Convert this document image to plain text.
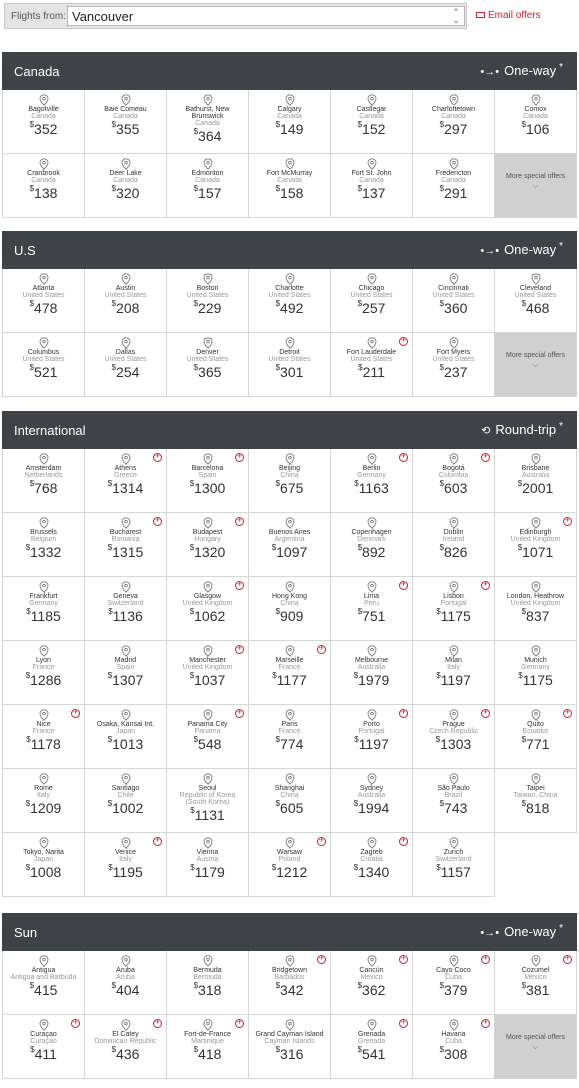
Flights from: Vancouver	⌃
⌄	Email offers
Canada	•→• One-way *
Bagotville
Canada
$352
Baie Comeau
Canada
$355
Bathurst, New Brunswick
Canada
$364
Calgary
Canada
$149
Castlegar
Canada
$152
Charlottetown
Canada
$297
Comox
Canada
$106
Cranbrook
Canada
$138
Deer Lake
Canada
$320
Edmonton
Canada
$157
Fort McMurray
Canada
$158
Fort St. John
Canada
$137
Fredericton
Canada
$291
More special offers
⌵
U.S	•→• One-way *
Atlanta
United States
$478
Austin
United States
$208
Boston
United States
$229
Charlotte
United States
$492
Chicago
United States
$257
Cincinnati
United States
$360
Cleveland
United States
$468
Columbus
United States
$521
Dallas
United States
$254
Denver
United States
$365
Detroit
United States
$301
✈
Fort Lauderdale
United States
$211
Fort Myers
United States
$237
More special offers
⌵
International	⟲ Round-trip *
Amsterdam
Netherlands
$768
✈
Athens
Greece
$1314
✈
Barcelona
Spain
$1300
Beijing
China
$675
✈
Berlin
Germany
$1163
✈
Bogotá
Colombia
$603
Brisbane
Australia
$2001
Brussels
Belgium
$1332
✈
Bucharest
Romania
$1315
✈
Budapest
Hungary
$1320
Buenos Aires
Argentina
$1097
Copenhagen
Denmark
$892
Dublin
Ireland
$826
✈
Edinburgh
United Kingdom
$1071
Frankfurt
Germany
$1185
Geneva
Switzerland
$1136
✈
Glasgow
United Kingdom
$1062
Hong Kong
China
$909
✈
Lima
Peru
$751
✈
Lisbon
Portugal
$1175
London, Heathrow
United Kingdom
$837
Lyon
France
$1286
Madrid
Spain
$1307
✈
Manchester
United Kingdom
$1037
✈
Marseille
France
$1177
Melbourne
Australia
$1979
Milan
Italy
$1197
Munich
Germany
$1175
✈
Nice
France
$1178
Osaka, Kansai Int.
Japan
$1013
✈
Panama City
Panama
$548
Paris
France
$774
✈
Porto
Portugal
$1197
✈
Prague
Czech Republic
$1303
✈
Quito
Ecuador
$771
Rome
Italy
$1209
Santiago
Chile
$1002
Seoul
Republic of Korea (South Korea)
$1131
Shanghai
China
$605
Sydney
Australia
$1994
São Paulo
Brazil
$743
Taipei
Taiwan, China
$818
Tokyo, Narita
Japan
$1008
✈
Venice
Italy
$1195
Vienna
Austria
$1179
✈
Warsaw
Poland
$1212
✈
Zagreb
Croatia
$1340
Zurich
Switzerland
$1157
Sun	•→• One-way *
Antigua
Antigua and Barbuda
$415
Aruba
Aruba
$404
Bermuda
Bermuda
$318
✈
Bridgetown
Barbados
$342
✈
Cancún
Mexico
$362
✈
Cayo Coco
Cuba
$379
✈
Cozumel
Mexico
$381
✈
Curaçao
Curaçao
$411
✈
El Catey
Dominican Republic
$436
✈
Fort-de-France
Martinique
$418
Grand Cayman Island
Cayman Islands
$316
✈
Grenada
Grenada
$541
✈
Havana
Cuba
$308
More special offers
⌵
